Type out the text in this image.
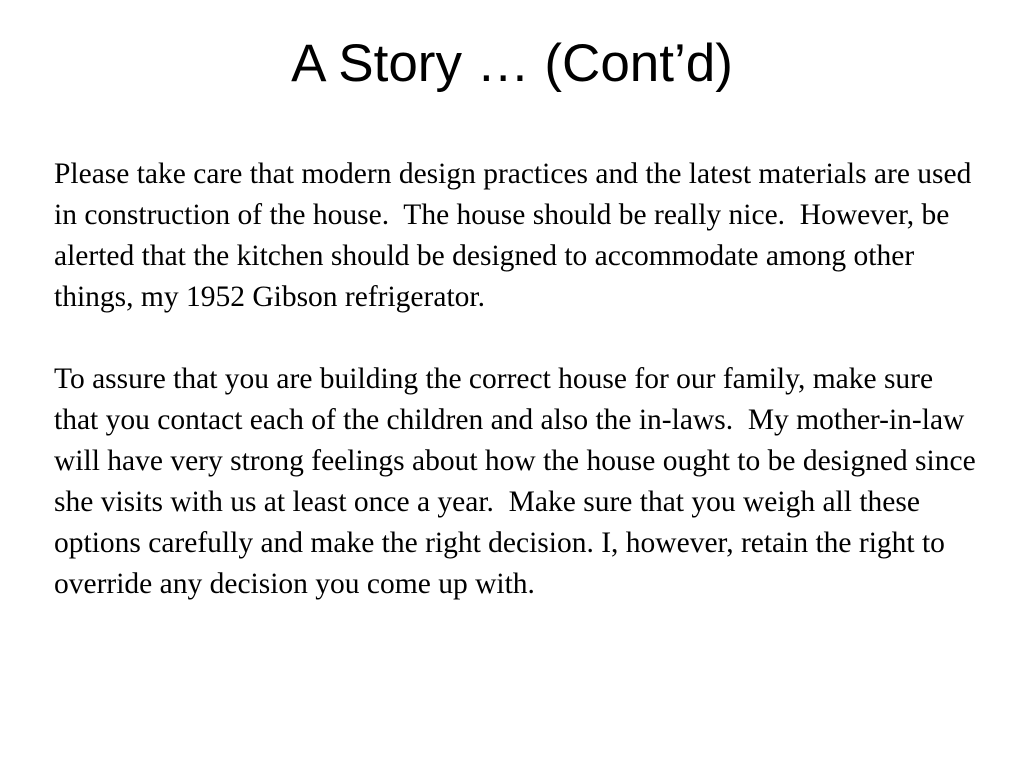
A Story … (Cont’d)

Please take care that modern design practices and the latest materials are used in construction of the house.  The house should be really nice.  However, be alerted that the kitchen should be designed to accommodate among other things, my 1952 Gibson refrigerator.

To assure that you are building the correct house for our family, make sure that you contact each of the children and also the in-laws.  My mother-in-law will have very strong feelings about how the house ought to be designed since she visits with us at least once a year.  Make sure that you weigh all these options carefully and make the right decision. I, however, retain the right to override any decision you come up with.
